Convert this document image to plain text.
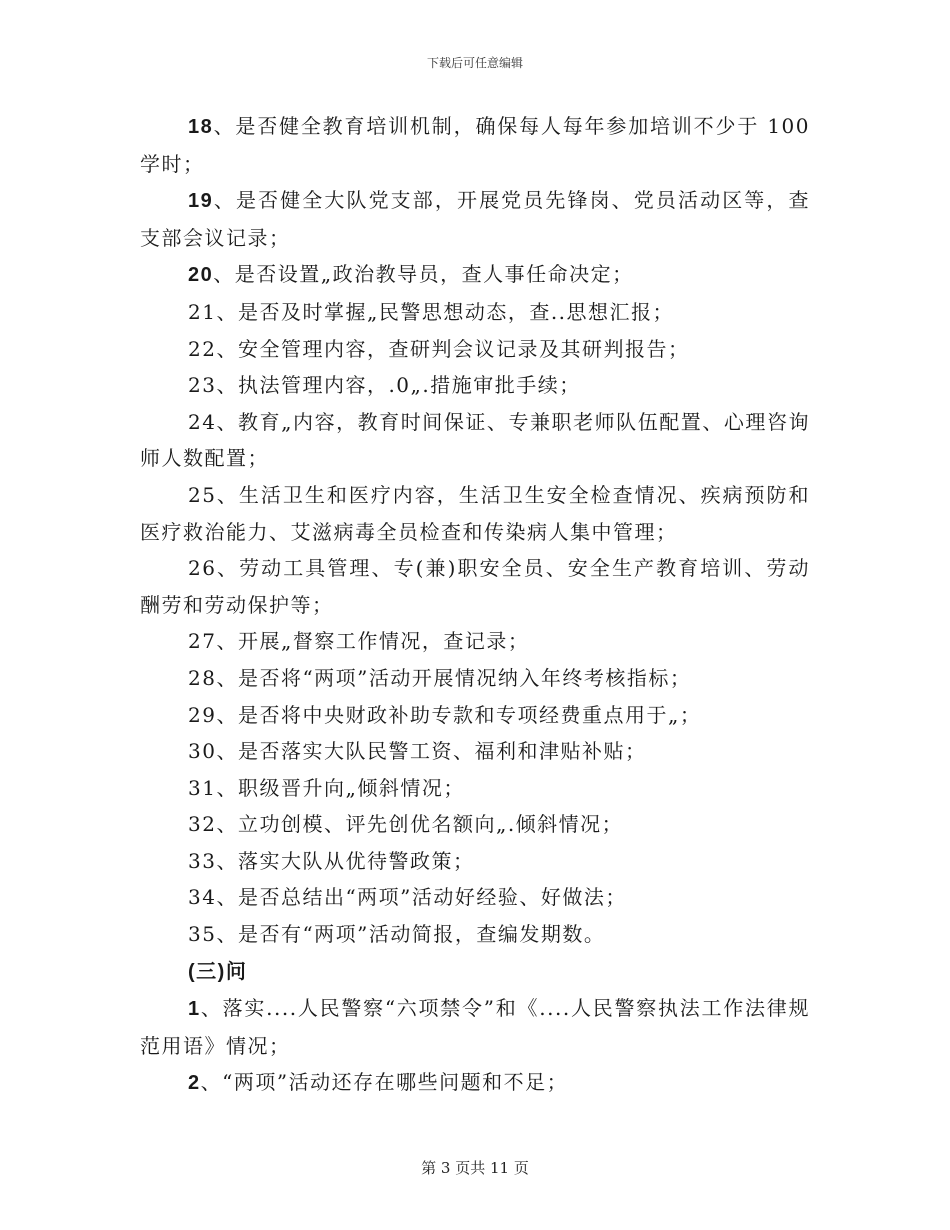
下载后可任意编辑

18、是否健全教育培训机制，确保每人每年参加培训不少于 100 学时；

19、是否健全大队党支部，开展党员先锋岗、党员活动区等，查支部会议记录；

20、是否设置„政治教导员，查人事任命决定；

21、是否及时掌握„民警思想动态，查..思想汇报；

22、安全管理内容，查研判会议记录及其研判报告；

23、执法管理内容，.0„.措施审批手续；

24、教育„内容，教育时间保证、专兼职老师队伍配置、心理咨询师人数配置；

25、生活卫生和医疗内容，生活卫生安全检查情况、疾病预防和医疗救治能力、艾滋病毒全员检查和传染病人集中管理；

26、劳动工具管理、专(兼)职安全员、安全生产教育培训、劳动酬劳和劳动保护等；

27、开展„督察工作情况，查记录；

28、是否将“两项”活动开展情况纳入年终考核指标；

29、是否将中央财政补助专款和专项经费重点用于„；

30、是否落实大队民警工资、福利和津贴补贴；

31、职级晋升向„倾斜情况；

32、立功创模、评先创优名额向„.倾斜情况；

33、落实大队从优待警政策；

34、是否总结出“两项”活动好经验、好做法；

35、是否有“两项”活动简报，查编发期数。

(三)问

1、落实....人民警察“六项禁令”和《....人民警察执法工作法律规范用语》情况；

2、“两项”活动还存在哪些问题和不足；

第 3 页共 11 页
